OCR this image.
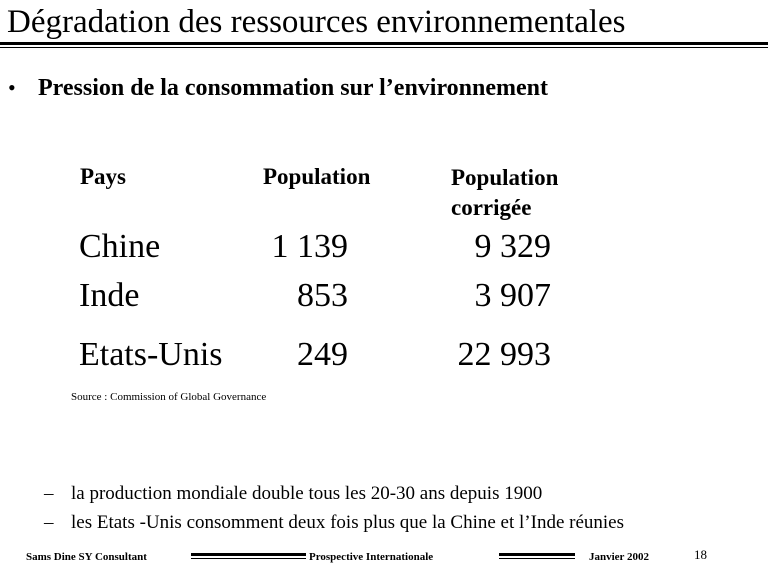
Dégradation des ressources environnementales
• Pression de la consommation sur l’environnement
Pays	Population	Population corrigée
Chine	1 139	9 329
Inde	853	3 907
Etats-Unis	249	22 993
Source : Commission of Global Governance
– la production mondiale double tous les 20-30 ans depuis 1900
– les Etats -Unis consomment deux fois plus que la Chine et l’Inde réunies
Sams Dine SY Consultant	Prospective Internationale	Janvier 2002	18
